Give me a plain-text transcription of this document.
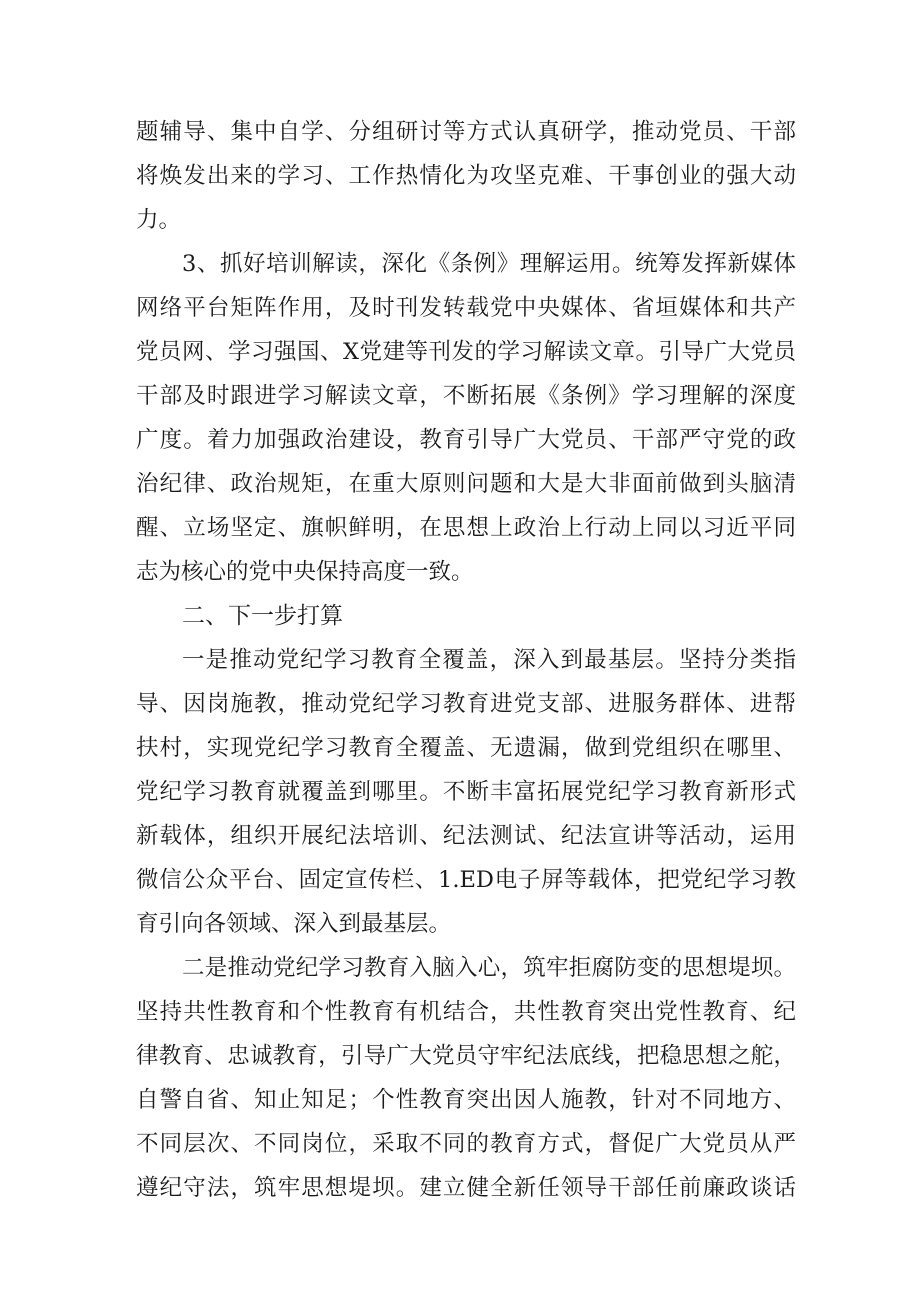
题辅导、集中自学、分组研讨等方式认真研学，推动党员、干部
将焕发出来的学习、工作热情化为攻坚克难、干事创业的强大动
力。
3、抓好培训解读，深化《条例》理解运用。统筹发挥新媒体
网络平台矩阵作用，及时刊发转载党中央媒体、省垣媒体和共产
党员网、学习强国、X党建等刊发的学习解读文章。引导广大党员
干部及时跟进学习解读文章，不断拓展《条例》学习理解的深度
广度。着力加强政治建设，教育引导广大党员、干部严守党的政
治纪律、政治规矩，在重大原则问题和大是大非面前做到头脑清
醒、立场坚定、旗帜鲜明，在思想上政治上行动上同以习近平同
志为核心的党中央保持高度一致。
二、下一步打算
一是推动党纪学习教育全覆盖，深入到最基层。坚持分类指
导、因岗施教，推动党纪学习教育进党支部、进服务群体、进帮
扶村，实现党纪学习教育全覆盖、无遗漏，做到党组织在哪里、
党纪学习教育就覆盖到哪里。不断丰富拓展党纪学习教育新形式
新载体，组织开展纪法培训、纪法测试、纪法宣讲等活动，运用
微信公众平台、固定宣传栏、1.ED电子屏等载体，把党纪学习教
育引向各领域、深入到最基层。
二是推动党纪学习教育入脑入心，筑牢拒腐防变的思想堤坝。
坚持共性教育和个性教育有机结合，共性教育突出党性教育、纪
律教育、忠诚教育，引导广大党员守牢纪法底线，把稳思想之舵，
自警自省、知止知足；个性教育突出因人施教，针对不同地方、
不同层次、不同岗位，采取不同的教育方式，督促广大党员从严
遵纪守法，筑牢思想堤坝。建立健全新任领导干部任前廉政谈话
